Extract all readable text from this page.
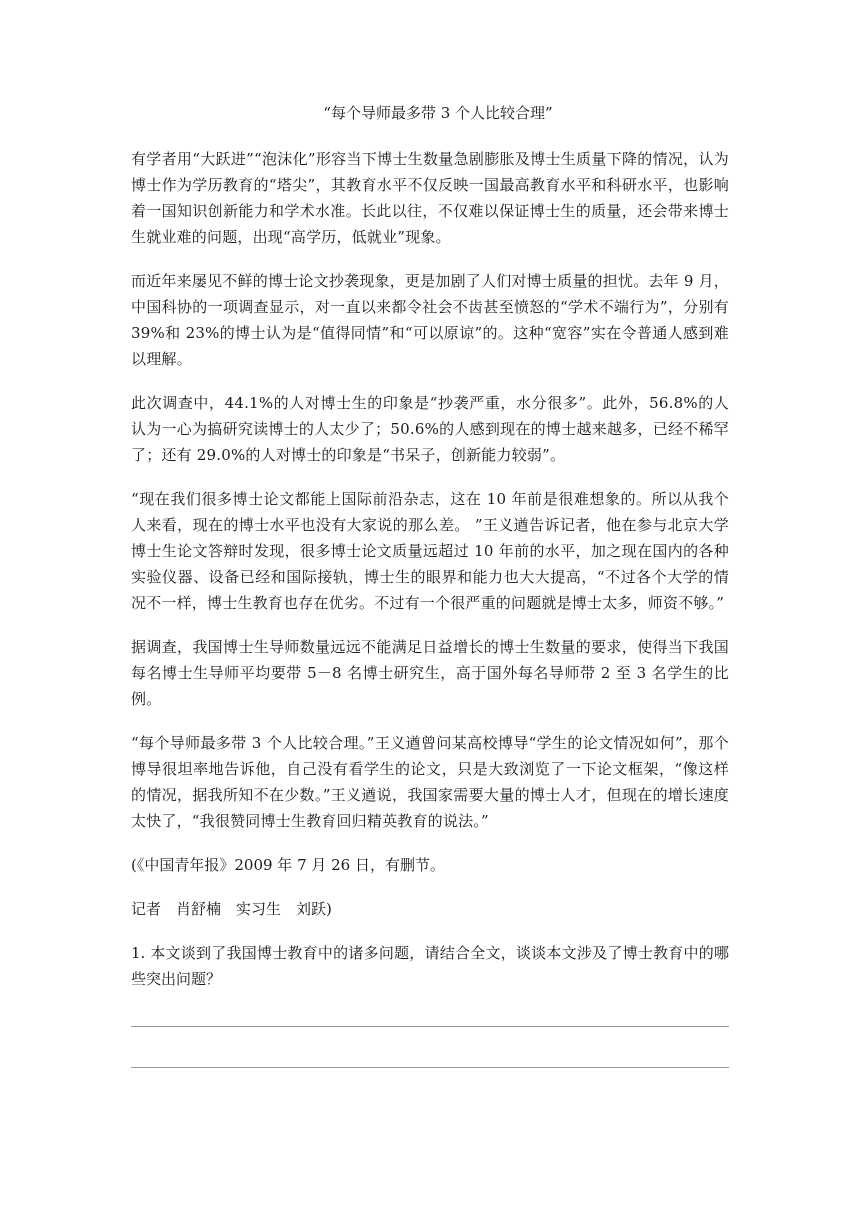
“每个导师最多带 3 个人比较合理”

有学者用“大跃进”“泡沫化”形容当下博士生数量急剧膨胀及博士生质量下降的情况，认为博士作为学历教育的“塔尖”，其教育水平不仅反映一国最高教育水平和科研水平，也影响着一国知识创新能力和学术水准。长此以往，不仅难以保证博士生的质量，还会带来博士生就业难的问题，出现“高学历，低就业”现象。

而近年来屡见不鲜的博士论文抄袭现象，更是加剧了人们对博士质量的担忧。去年 9 月，中国科协的一项调查显示，对一直以来都令社会不齿甚至愤怒的“学术不端行为”，分别有 39%和 23%的博士认为是“值得同情”和“可以原谅”的。这种“宽容”实在令普通人感到难以理解。

此次调查中，44.1%的人对博士生的印象是“抄袭严重，水分很多”。此外，56.8%的人认为一心为搞研究读博士的人太少了；50.6%的人感到现在的博士越来越多，已经不稀罕了；还有 29.0%的人对博士的印象是“书呆子，创新能力较弱”。

“现在我们很多博士论文都能上国际前沿杂志，这在 10 年前是很难想象的。所以从我个人来看，现在的博士水平也没有大家说的那么差。 ”王义遒告诉记者，他在参与北京大学博士生论文答辩时发现，很多博士论文质量远超过 10 年前的水平，加之现在国内的各种实验仪器、设备已经和国际接轨，博士生的眼界和能力也大大提高，“不过各个大学的情况不一样，博士生教育也存在优劣。不过有一个很严重的问题就是博士太多，师资不够。”

据调查，我国博士生导师数量远远不能满足日益增长的博士生数量的要求，使得当下我国每名博士生导师平均要带 5－8 名博士研究生，高于国外每名导师带 2 至 3 名学生的比例。

“每个导师最多带 3 个人比较合理。”王义遒曾问某高校博导“学生的论文情况如何”，那个博导很坦率地告诉他，自己没有看学生的论文，只是大致浏览了一下论文框架，“像这样的情况，据我所知不在少数。”王义遒说，我国家需要大量的博士人才，但现在的增长速度太快了，“我很赞同博士生教育回归精英教育的说法。”

(《中国青年报》2009 年 7 月 26 日，有删节。

记者　肖舒楠　实习生　刘跃)

1. 本文谈到了我国博士教育中的诸多问题，请结合全文，谈谈本文涉及了博士教育中的哪些突出问题？
